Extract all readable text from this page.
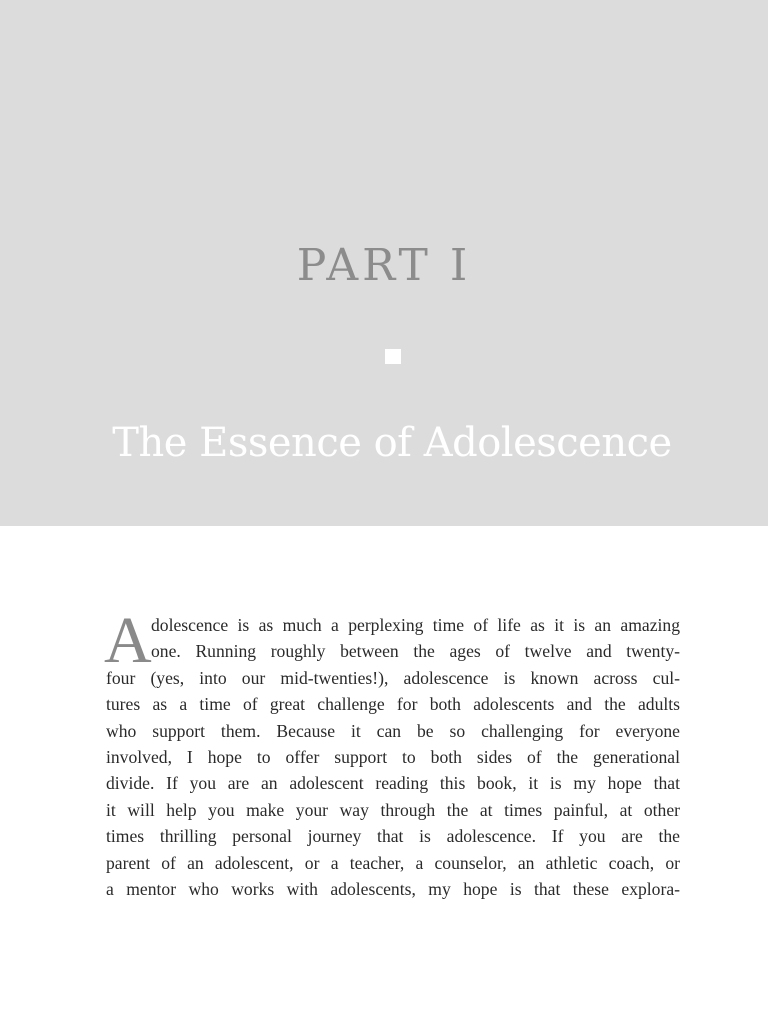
PART I
The Essence of Adolescence
A dolescence is as much a perplexing time of life as it is an amazing
one. Running roughly between the ages of twelve and twenty-
four (yes, into our mid-twenties!), adolescence is known across cul-
tures as a time of great challenge for both adolescents and the adults
who support them. Because it can be so challenging for everyone
involved, I hope to offer support to both sides of the generational
divide. If you are an adolescent reading this book, it is my hope that
it will help you make your way through the at times painful, at other
times thrilling personal journey that is adolescence. If you are the
parent of an adolescent, or a teacher, a counselor, an athletic coach, or
a mentor who works with adolescents, my hope is that these explora-
